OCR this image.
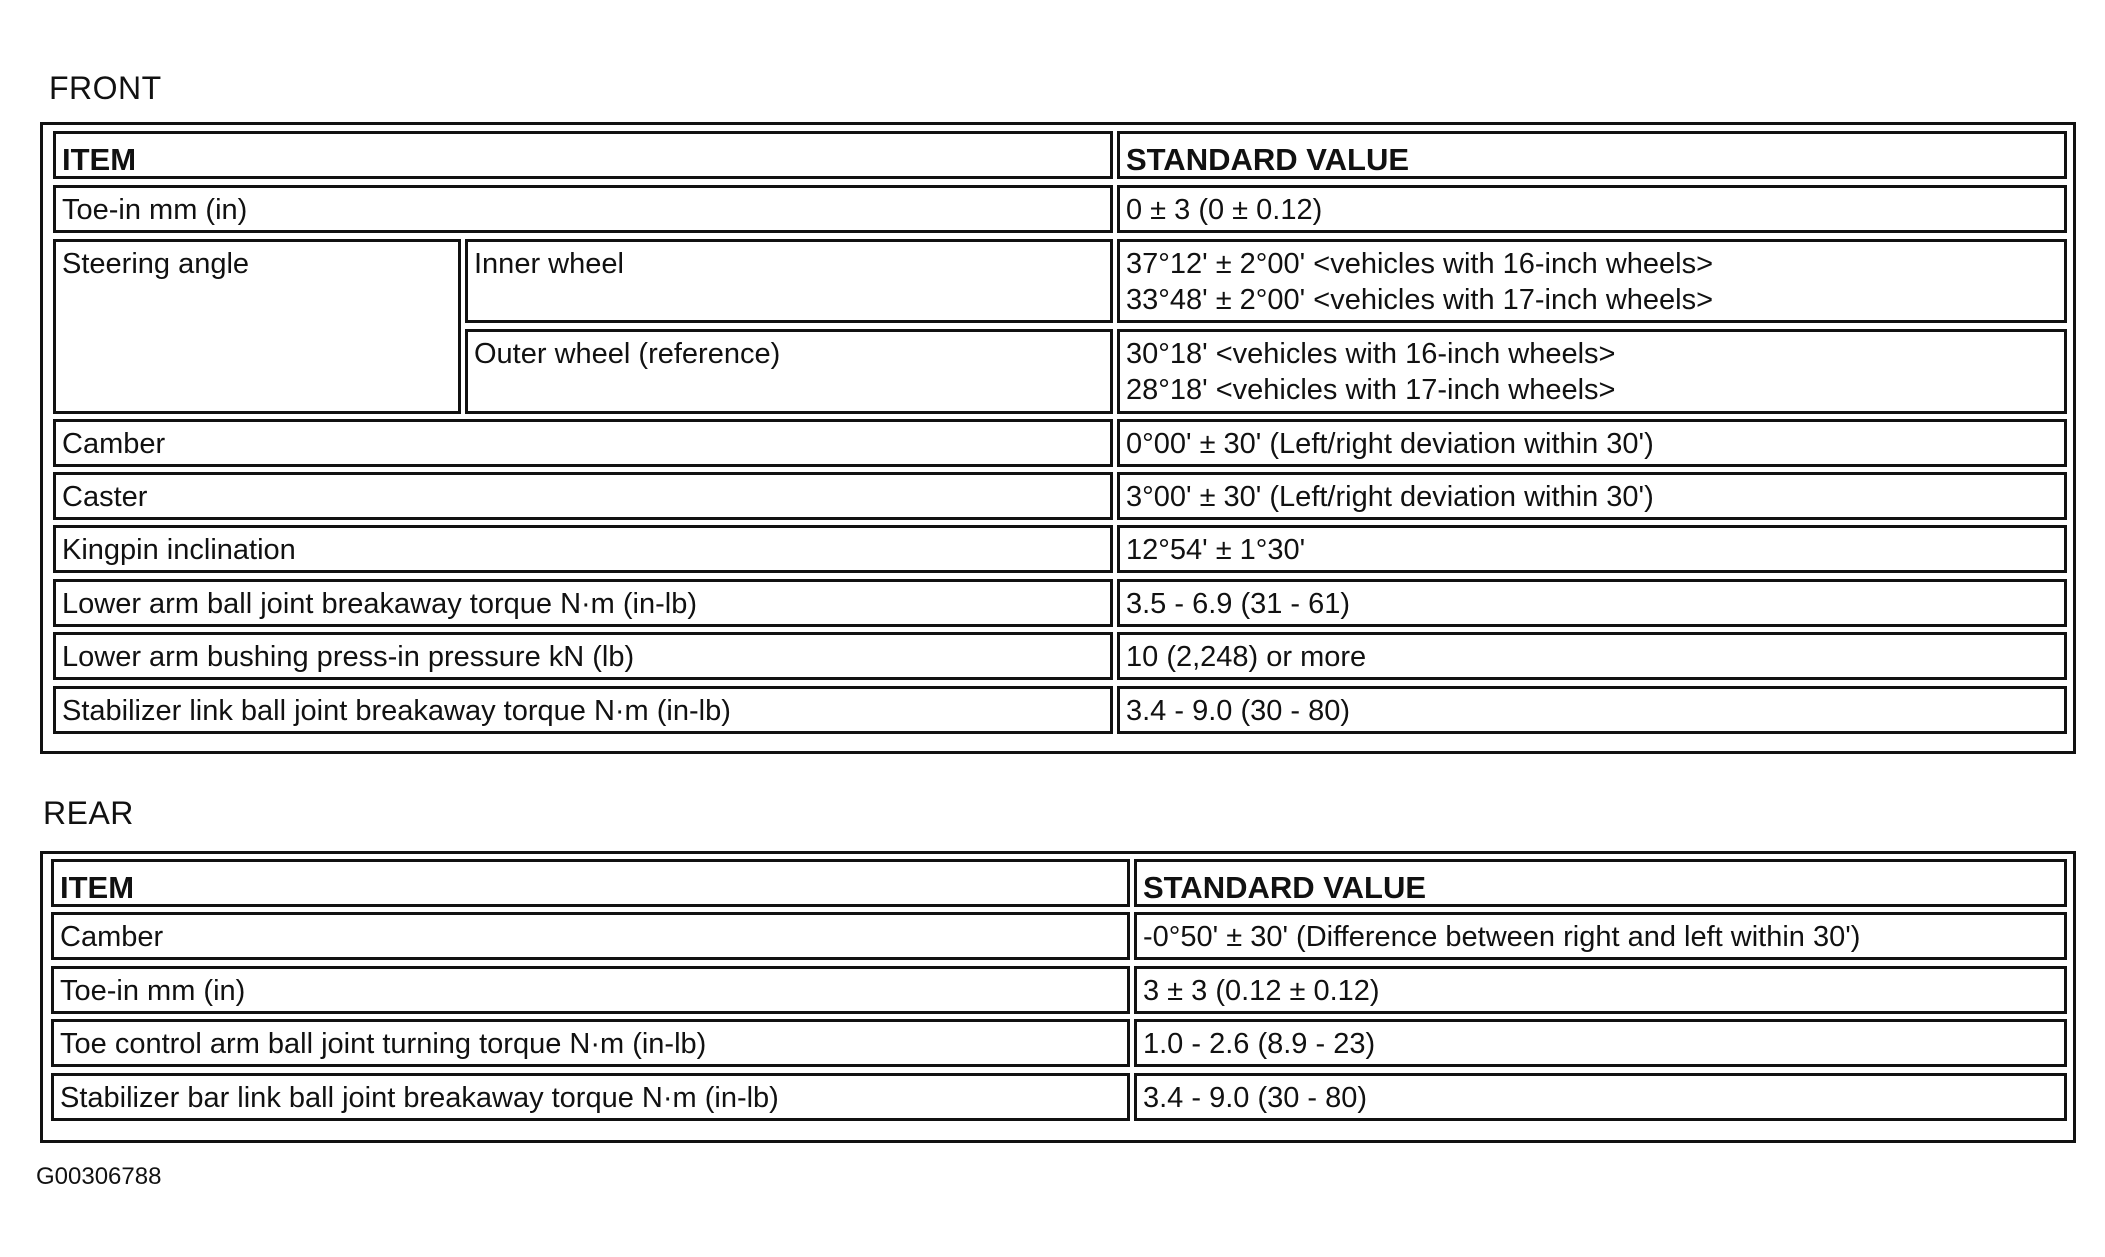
FRONT
ITEM	STANDARD VALUE
Toe-in mm (in)	0 ± 3 (0 ± 0.12)
Steering angle	Inner wheel	37°12' ± 2°00' <vehicles with 16-inch wheels>
33°48' ± 2°00' <vehicles with 17-inch wheels>
Outer wheel (reference)	30°18' <vehicles with 16-inch wheels>
28°18' <vehicles with 17-inch wheels>
Camber	0°00' ± 30' (Left/right deviation within 30')
Caster	3°00' ± 30' (Left/right deviation within 30')
Kingpin inclination	12°54' ± 1°30'
Lower arm ball joint breakaway torque N·m (in-lb)	3.5 - 6.9 (31 - 61)
Lower arm bushing press-in pressure kN (lb)	10 (2,248) or more
Stabilizer link ball joint breakaway torque N·m (in-lb)	3.4 - 9.0 (30 - 80)
REAR
ITEM	STANDARD VALUE
Camber	-0°50' ± 30' (Difference between right and left within 30')
Toe-in mm (in)	3 ± 3 (0.12 ± 0.12)
Toe control arm ball joint turning torque N·m (in-lb)	1.0 - 2.6 (8.9 - 23)
Stabilizer bar link ball joint breakaway torque N·m (in-lb)	3.4 - 9.0 (30 - 80)
G00306788
